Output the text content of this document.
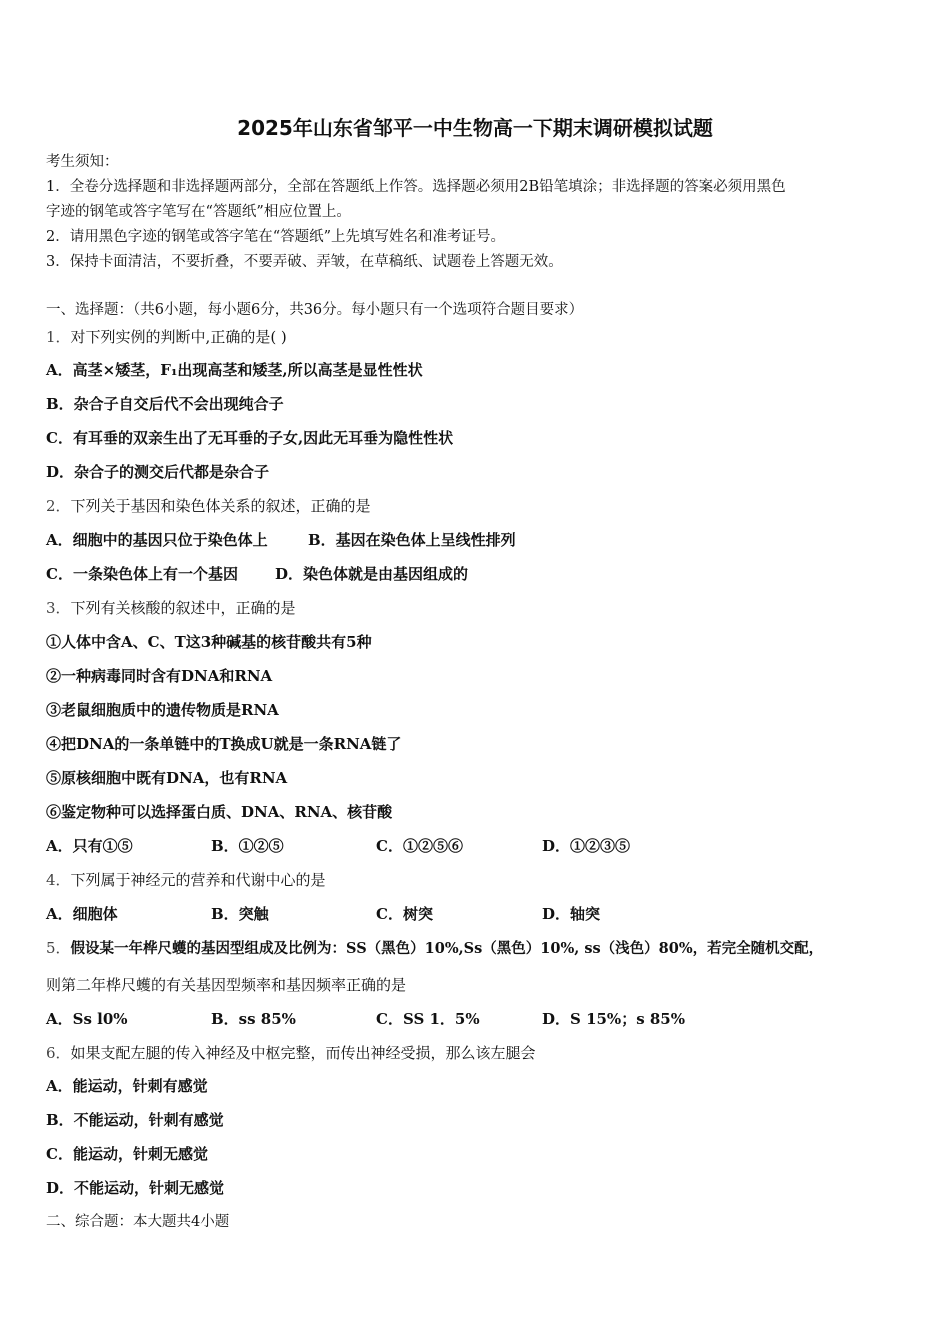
2025年山东省邹平一中生物高一下期末调研模拟试题
考生须知：
1．全卷分选择题和非选择题两部分，全部在答题纸上作答。选择题必须用2B铅笔填涂；非选择题的答案必须用黑色
字迹的钢笔或答字笔写在“答题纸”相应位置上。
2．请用黑色字迹的钢笔或答字笔在“答题纸”上先填写姓名和准考证号。
3．保持卡面清洁，不要折叠，不要弄破、弄皱，在草稿纸、试题卷上答题无效。
一、选择题：（共6小题，每小题6分，共36分。每小题只有一个选项符合题目要求）
1．对下列实例的判断中,正确的是( )
A．高茎×矮茎，F₁出现高茎和矮茎,所以高茎是显性性状
B．杂合子自交后代不会出现纯合子
C．有耳垂的双亲生出了无耳垂的子女,因此无耳垂为隐性性状
D．杂合子的测交后代都是杂合子
2．下列关于基因和染色体关系的叙述，正确的是
A．细胞中的基因只位于染色体上	B．基因在染色体上呈线性排列
C．一条染色体上有一个基因 D．染色体就是由基因组成的
3．下列有关核酸的叙述中，正确的是
①人体中含A、C、T这3种碱基的核苷酸共有5种
②一种病毒同时含有DNA和RNA
③老鼠细胞质中的遗传物质是RNA
④把DNA的一条单链中的T换成U就是一条RNA链了
⑤原核细胞中既有DNA，也有RNA
⑥鉴定物种可以选择蛋白质、DNA、RNA、核苷酸
A．只有①⑤	B．①②⑤	C．①②⑤⑥	D．①②③⑤
4．下列属于神经元的营养和代谢中心的是
A．细胞体	B．突触	C．树突	D．轴突
5．假设某一年桦尺蠖的基因型组成及比例为：SS（黑色）10%,Ss（黑色）10%, ss（浅色）80%，若完全随机交配，
则第二年桦尺蠖的有关基因型频率和基因频率正确的是
A．Ss l0%	B．ss 85%	C．SS 1．5%	D．S 15%；s 85%
6．如果支配左腿的传入神经及中枢完整，而传出神经受损，那么该左腿会
A．能运动，针刺有感觉
B．不能运动，针刺有感觉
C．能运动，针刺无感觉
D．不能运动，针刺无感觉
二、综合题：本大题共4小题
